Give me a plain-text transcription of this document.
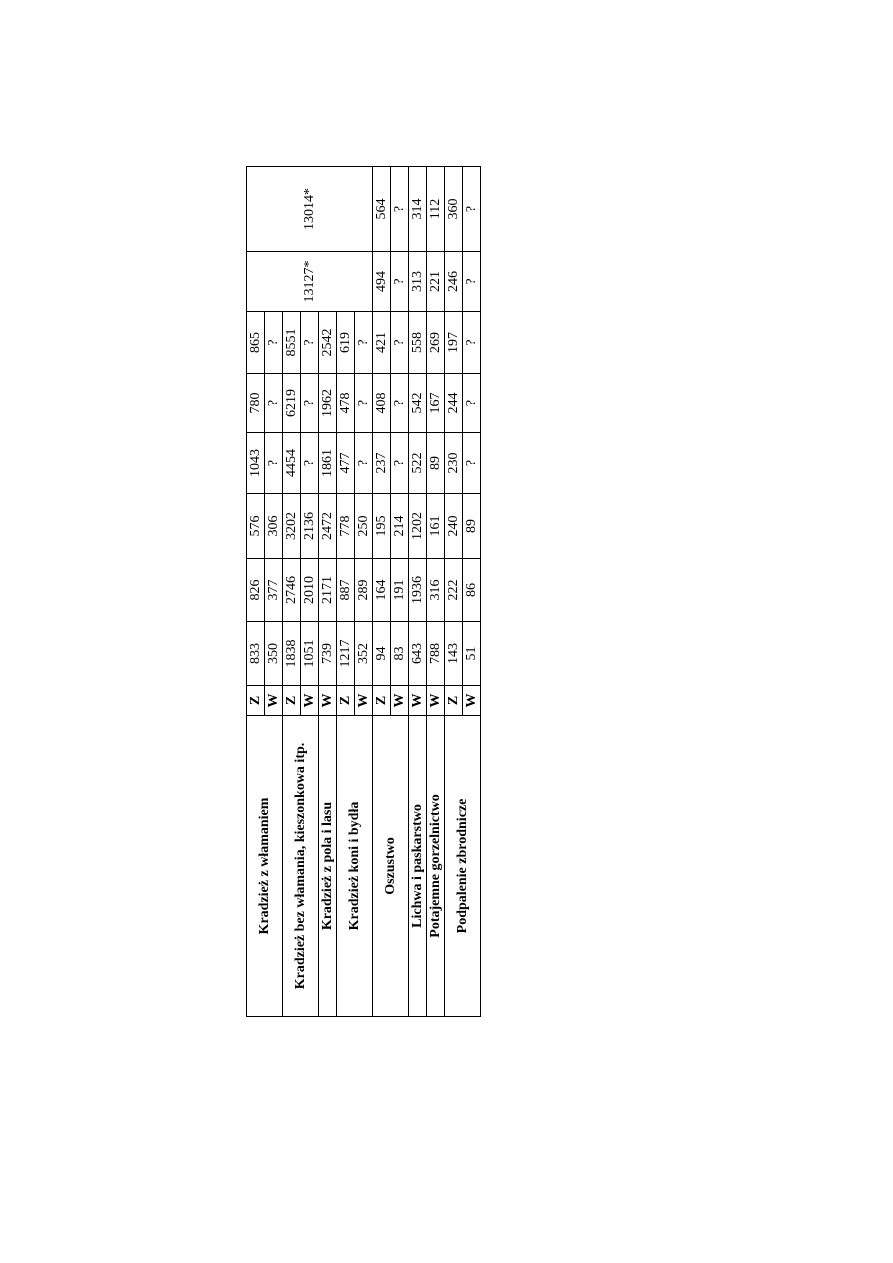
Kradzież z włamaniem	Z	833	826	576	1043	780	865	13127*	13014*
	W	350	377	306	?	?	?		
Kradzież bez włamania, kieszonkowa itp.	Z	1838	2746	3202	4454	6219	8551		
	W	1051	2010	2136	?	?	?		
Kradzież z pola i lasu	W	739	2171	2472	1861	1962	2542		
Kradzież koni i bydła	Z	1217	887	778	477	478	619		
	W	352	289	250	?	?	?		
Oszustwo	Z	94	164	195	237	408	421	494	564
	W	83	191	214	?	?	?	?	?
Lichwa i paskarstwo	W	643	1936	1202	522	542	558	313	314
Potajemne gorzelnictwo	W	788	316	161	89	167	269	221	112
Podpalenie zbrodnicze	Z	143	222	240	230	244	197	246	360
	W	51	86	89	?	?	?	?	?
